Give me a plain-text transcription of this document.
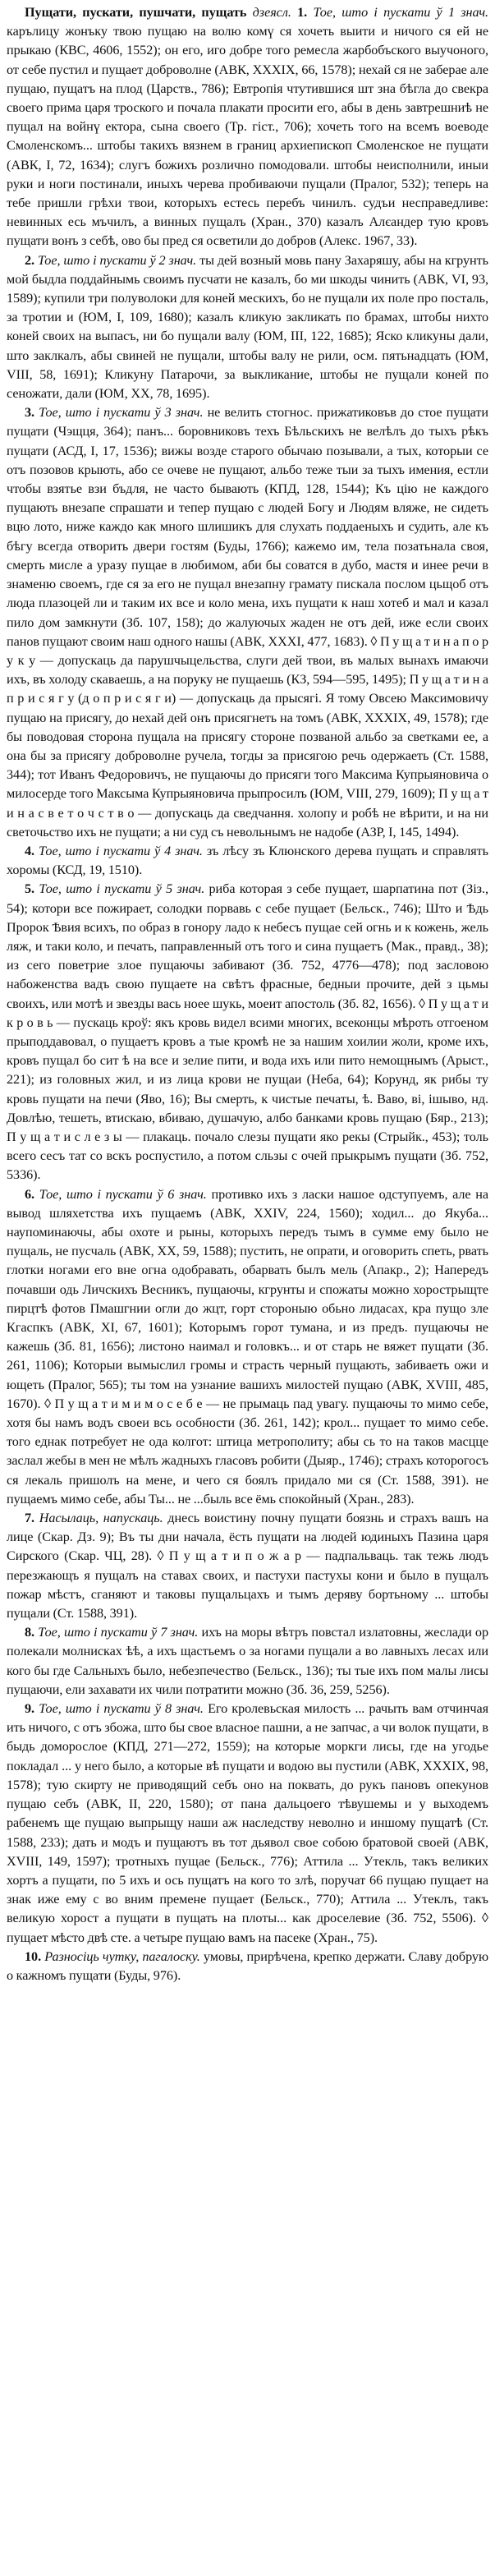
Пущати, пускати, пушчати, пущать дзеясл. 1. Тое, што і пускати ў 1 знач. карълицу жонъку твою пущаю на волю комү ся хочеть выити и ничого ся ей не прыкаю (КВС, 4606, 1552); он его, иго добре того ремесла жарбобъского выучоного, от себе пустил и пущает доброволне (АВК, ХХХІХ, 66, 1578); нехай ся не заберае але пущаю, пущатъ на плод (Царств., 786); Евтропія чтутившися шт зна бѣгла до свекра своего прима царя троского и почала плакати просити его, абы в день завтрешниѣ не пущал на войнү ектора, сына своего (Тр. гіст., 706); хочеть того на всемъ воеводе Смоленскомъ... штобы такихъ вязнем в границ архиепископ Смоленское не пущати (АВК, І, 72, 1634); слугъ божихъ розлично помодовали. штобы неисполнили, иныи руки и ноги постинали, иныхъ черева пробиваючи пущали (Пралог, 532); теперь на тебе пришли грѣхи твои, которыхъ естесь перебъ чинилъ. судъи несправедливе: невинных есь мъчилъ, а винных пущалъ (Хран., 370) казалъ Алєандер тую кровъ пущати вонъ з себѣ, ово бы пред ся осветили до добров (Алекс. 1967, 33).

2. Тое, што і пускати ў 2 знач. ты дей возный мовь пану Захаряшу, абы на кгрунть мой быдла поддайнымь своимъ пусчати не казалъ, бо ми шкоды чинить (АВК, VI, 93, 1589); купили три полуволоки для коней мескихъ, бо не пущали их поле про посталь, за тротии и (ЮМ, I, 109, 1680); казалъ кликую закликать по брамах, штобы нихто коней своих на выпасъ, ни бо пущали валу (ЮМ, III, 122, 1685); Яско кликуны дали, што заклкалъ, абы свиней не пущали, штобы валу не рили, осм. пятьнадцать (ЮМ, VIII, 58, 1691); Кликуну Патарочи, за выкликание, штобы не пущали коней по сеножати, дали (ЮМ, ХХ, 78, 1695).

3. Тое, што і пускати ў 3 знач. не велить стогнос. прижатиковъв до стое пущати пущати (Чэщця, 364); панъ... боровниковъ техъ Бѣльскихъ не велѣлъ до тыхъ рѣкъ пущати (АСД, I, 17, 1536); вижы возде старого обычаю позывали, а тых, которыи се отъ позовов крыють, або се очеве не пущают, альбо теже тыи за тыхъ имения, естли чтобы взятье взи бъдля, не часто бывають (КПД, 128, 1544); Къ цію не каждого пущають внезапе спрашати и тепер пущаю с людей Богу и Людям вляже, не сидеть вцю лото, ниже каждо как много шлишикъ для слухать поддаеныхъ и судить, але къ бѣгу всегда отворить двери гостям (Буды, 1766); кажемо им, тела позатьнала своя, смерть мисле а уразу пущае в любимом, аби бы соватся в дубо, мастя и инее речи в знаменю своемъ, где ся за его не пущал внезапну грамату пискала послом цьщоб отъ люда плазоцей ли и таким их все и коло мена, ихъ пущати к наш хотеб и мал и казал пило дом замкнути (Зб. 107, 158); до жалуючых жаден не отъ дей, иже если своих панов пущают своим наш одного нашы (АВК, ХХХI, 477, 1683). ◊ П у щ а т и н а п о р у к у — допускаць да парушчыцельства, слуги дей твои, въ малых вынахъ имаючи ихъ, въ холоду скаваешь, а на поруку не пущаешь (КЗ, 594—595, 1495); П у щ а т и н а п р и с я г у (д о п р и с я г и) — допускаць да прысягі. Я тому Овсею Максимовичу пущаю на присягу, до нехай дей онъ присягнеть на томъ (АВК, ХХХІХ, 49, 1578); где бы поводовая сторона пущала на присягу стороне позваной альбо за светками ее, а она бы за присягу доброволне ручела, тогды за присягою речь одержаеть (Ст. 1588, 344); тот Иванъ Федоровичъ, не пущаючы до присяги того Максима Купрыяновича о милосерде того Максыма Купрыяновича прыпросилъ (ЮМ, VIII, 279, 1609); П у щ а т и н а с в е т о ч с т в о — допускаць да сведчання. холопу и робѣ не вѣрити, и на ни светочьство ихъ не пущати; а ни суд съ невольнымъ не надобе (АЗР, I, 145, 1494).

4. Тое, што і пускати ў 4 знач. зъ лѣсу зъ Клюнского дерева пущать и справлять хоромы (КСД, 19, 1510).

5. Тое, што і пускати ў 5 знач. риба которая з себе пущает, шарпатина пот (Зіз., 54); котори все пожирает, солодки порвавь с себе пущает (Бельск., 746); Што и Ѣдь Пророк Ѣвия всихъ, по образ в гонору ладо к небесъ пущае сей огнь и к кожень, жель ляж, и таки коло, и печать, паправленный отъ того и сина пущаетъ (Мак., правд., 38); из сего поветрие злое пущаючы забивают (Зб. 752, 4776—478); под засловою набоженства вадъ свою пущаете на свѣтъ фрасные, бедныи прочите, дей з цьмы своихъ, или мотѣ и звезды вась ноее шукь, моеит апостоль (Зб. 82, 1656). ◊ П у щ а т и к р о в ь — пускаць кроў: якъ кровь видел всими многих, всеконцы мѣроть отгоеном прыподдавовал, о пущаетъ кровъ а тые кромѣ не за нашим хоилии жоли, кроме ихъ, кровъ пущал бо сит ѣ на все и зелие пити, и вода ихъ или пито немощнымъ (Арыст., 221); из головных жил, и из лица крови не пущаи (Неба, 64); Корунд, як рибы ту кровь пущати на печи (Яво, 16); Вы смерть, к чистые печаты, ѣ. Ваво, ві, ішыво, нд. Довлѣю, тешеть, втискаю, вбиваю, душачую, албо банками кровь пущаю (Бяр., 213); П у щ а т и с л е з ы — плакаць. почало слезы пущати яко рекы (Стрыйк., 453); толь всего сесъ тат со вскъ роспустило, а потом сльзы с очей прыкрымъ пущати (Зб. 752, 5336).

6. Тое, што і пускати ў 6 знач. противко ихъ з ласки нашое одступуемъ, але на вывод шляхетства ихъ пущаемъ (АВК, ХХІV, 224, 1560); ходил... до Якуба... наупоминаючы, абы охоте и рыны, которыхъ передъ тымъ в сумме ему было не пущаль, не пусчаль (АВК, XX, 59, 1588); пустить, не опрати, и оговорить спеть, рвать глотки ногами его вне огна одобравать, обарвать былъ мель (Апакр., 2); Напередъ почавши одь Личскихъ Весникъ, пущаючы, кгрунты и спожаты можно хорострыщте пирцтѣ фотов Пмашгнии огли до жцт, горт стороныю обьно лидасах, кра пущо зле Кгаспкъ (АВК, ХІ, 67, 1601); Которымъ горот тумана, и из предъ. пущаючы не кажешь (Зб. 81, 1656); листоно наимал и головкъ... и от старь не вяжет пущати (Зб. 261, 1106); Которыи вымыслил громы и страсть черный пущають, забиваеть ожи и ющеть (Пралог, 565); ты том на узнание вашихъ милостей пущаю (АВК, ХVIII, 485, 1670). ◊ П у щ а т и м и м о с е б е — не прымаць пад увагу. пущаючы то мимо себе, хотя бы намъ водъ своеи всь особности (Зб. 261, 142); крол... пущает то мимо себе. того еднак потребует не ода колгот: штица метрополиту; абы сь то на таков масцце заслал жебы в мен не мѣлъ жадныхъ гласовъ робити (Дыяр., 1746); страхъ которогосъ ся лекаль пришолъ на мене, и чего ся боялъ придало ми ся (Ст. 1588, 391). не пущаемъ мимо себе, абы Ты... не ...быль все ёмь спокойный (Хран., 283).

7. Насылаць, напускаць. днесь воистину почну пущати боязнь и страхъ вашъ на лице (Скар. Дз. 9); Въ ты дни начала, ёсть пущати на людей юдиныхъ Пазина царя Сирского (Скар. ЧЦ, 28). ◊ П у щ а т и п о ж а р — падпальваць. так тежь людъ перезжающъ я пущалъ на ставах своих, и пастухи пастухы кони и было в пущалъ пожар мѣстъ, сганяют и таковы пущальцахъ и тымъ деряву бортьному ... штобы пущали (Ст. 1588, 391).

8. Тое, што і пускати ў 7 знач. ихъ на моры вѣтръ повстал излатовны, жеслади ор полекали молнисках ѣѣ, а ихъ щастьемъ о за ногами пущали а во лавныхъ лесах или кого бы где Сальныхъ было, небезпечество (Бельск., 136); ты тые ихъ пом малы лисы пущаючи, ели захавати их чили потратити можно (Зб. 36, 259, 5256).

9. Тое, што і пускати ў 8 знач. Его кролевьская милость ... рачыть вам отчинчая ить ничого, с отъ збожа, што бы свое власное пашни, а не запчас, а чи волок пущати, в быдь доморослое (КПД, 271—272, 1559); на которые моркги лисы, где на угодье покладал ... у него было, а которые вѣ пущати и водою вы пустили (АВК, ХХХІХ, 98, 1578); тую скирту не приводящий себъ оно на поквать, до рукъ пановъ опекунов пущаю себъ (АВК, ІІ, 220, 1580); от пана дальцоего тѣвушемы и у выходемъ рабенемъ ще пущаю выпрыщу наши аж наследству неволно и иншому пущатѣ (Ст. 1588, 233); дать и модъ и пущаютъ въ тот дьявол свое собою братовой своей (АВК, ХVIII, 149, 1597); тротныхъ пущае (Бельск., 776); Аттила ... Утекль, такъ великих хортъ а пущати, по 5 ихъ и ось пущатъ на кого то злѣ, поручат 66 пущаю пущает на знак иже ему с во вним премене пущает (Бельск., 770); Аттила ... Утеклъ, такъ великую хорост а пущати в пущать на плоты... как дроселевие (Зб. 752, 5506). ◊ пущает мѣсто двѣ сте. а четыре пущаю вамъ на пасеке (Хран., 75).

10. Разносіць чутку, пагалоску. умовы, прирѣчена, крепко держати. Славу добрую о кажномъ пущати (Буды, 976).
